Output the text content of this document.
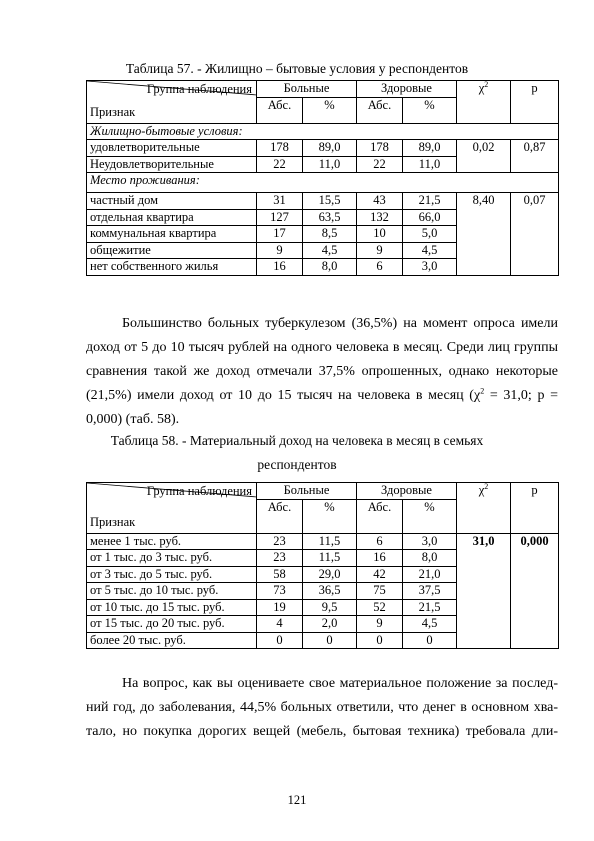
Таблица 57. - Жилищно – бытовые условия у респондентов
Группа наблюдения
Признак	Больные		Здоровые		$\chi^2$	р
	Абс.	%	Абс.	%		
Жилищно-бытовые условия:						
удовлетворительные	178	89,0	178	89,0	0,02	0,87
Неудовлетворительные	22	11,0	22	11,0		
Место проживания:						
частный дом	31	15,5	43	21,5	8,40	0,07
отдельная квартира	127	63,5	132	66,0		
коммунальная квартира	17	8,5	10	5,0		
общежитие	9	4,5	9	4,5		
нет собственного жилья	16	8,0	6	3,0		

Большинство больных туберкулезом (36,5%) на момент опроса имели
доход от 5 до 10 тысяч рублей на одного человека в месяц. Среди лиц группы
сравнения такой же доход отмечали 37,5% опрошенных, однако некоторые
(21,5%) имели доход от 10 до 15 тысяч на человека в месяц ($\chi^2 = 31,0$; р =
0,000) (таб. 58).

Таблица 58. - Материальный доход на человека в месяц в семьях
респондентов
Группа наблюдения
Признак	Больные		Здоровые		$\chi^2$	р
	Абс.	%	Абс.	%		
менее 1 тыс. руб.	23	11,5	6	3,0	31,0	0,000
от 1 тыс. до 3 тыс. руб.	23	11,5	16	8,0		
от 3 тыс. до 5 тыс. руб.	58	29,0	42	21,0		
от 5 тыс. до 10 тыс. руб.	73	36,5	75	37,5		
от 10 тыс. до 15 тыс. руб.	19	9,5	52	21,5		
от 15 тыс. до 20 тыс. руб.	4	2,0	9	4,5		
более 20 тыс. руб.	0	0	0	0		

На вопрос, как вы оцениваете свое материальное положение за послед-
ний год, до заболевания, 44,5% больных ответили, что денег в основном хва-
тало, но покупка дорогих вещей (мебель, бытовая техника) требовала дли-

121
